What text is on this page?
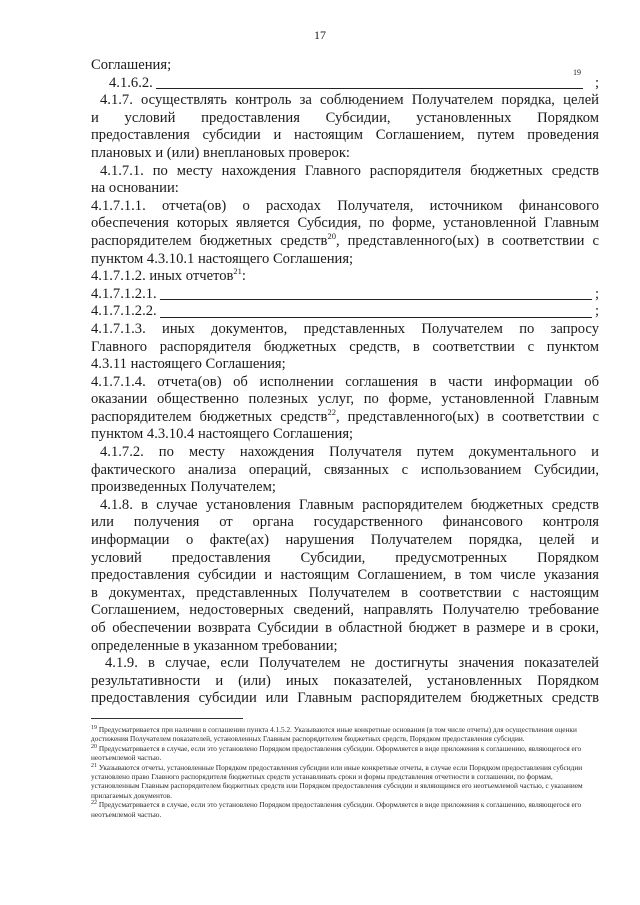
17

Соглашения;

4.1.6.2.
19
;

4.1.7. осуществлять контроль за соблюдением Получателем порядка, целей

и условий предоставления Субсидии, установленных Порядком

предоставления субсидии и настоящим Соглашением, путем проведения

плановых и (или) внеплановых проверок:

4.1.7.1. по месту нахождения Главного распорядителя бюджетных средств

на основании:

4.1.7.1.1. отчета(ов) о расходах Получателя, источником финансового

обеспечения которых является Субсидия, по форме, установленной Главным

распорядителем бюджетных средств$^{20}$, представленного(ых) в соответствии с

пунктом 4.3.10.1 настоящего Соглашения;

4.1.7.1.2. иных отчетов$^{21}$:

4.1.7.1.2.1.	;
4.1.7.1.2.2.	;

4.1.7.1.3. иных документов, представленных Получателем по запросу

Главного распорядителя бюджетных средств, в соответствии с пунктом

4.3.11 настоящего Соглашения;

4.1.7.1.4. отчета(ов) об исполнении соглашения в части информации об

оказании общественно полезных услуг, по форме, установленной Главным

распорядителем бюджетных средств$^{22}$, представленного(ых) в соответствии с

пунктом 4.3.10.4 настоящего Соглашения;

4.1.7.2. по месту нахождения Получателя путем документального и

фактического анализа операций, связанных с использованием Субсидии,

произведенных Получателем;

4.1.8. в случае установления Главным распорядителем бюджетных средств

или получения от органа государственного финансового контроля

информации о факте(ах) нарушения Получателем порядка, целей и

условий предоставления Субсидии, предусмотренных Порядком

предоставления субсидии и настоящим Соглашением, в том числе указания

в документах, представленных Получателем в соответствии с настоящим

Соглашением, недостоверных сведений, направлять Получателю требование

об обеспечении возврата Субсидии в областной бюджет в размере и в сроки,

определенные в указанном требовании;

4.1.9. в случае, если Получателем не достигнуты значения показателей

результативности и (или) иных показателей, установленных Порядком

предоставления субсидии или Главным распорядителем бюджетных средств

$^{19}$ Предусматривается при наличии в соглашении пункта 4.1.5.2. Указываются иные конкретные основания (в том числе отчеты) для осуществления оценки достижения Получателем показателей, установленных Главным распорядителем бюджетных средств, Порядком предоставления субсидии.

$^{20}$ Предусматривается в случае, если это установлено Порядком предоставления субсидии. Оформляется в виде приложения к соглашению, являющегося его неотъемлемой частью.

$^{21}$ Указываются отчеты, установленные Порядком предоставления субсидии или иные конкретные отчеты, в случае если Порядком предоставления субсидии установлено право Главного распорядителя бюджетных средств устанавливать сроки и формы представления отчетности в соглашении, по формам, установленным Главным распорядителем бюджетных средств или Порядком предоставления субсидии и являющимся его неотъемлемой частью, с указанием прилагаемых документов.

$^{22}$ Предусматривается в случае, если это установлено Порядком предоставления субсидии. Оформляется в виде приложения к соглашению, являющегося его неотъемлемой частью.
